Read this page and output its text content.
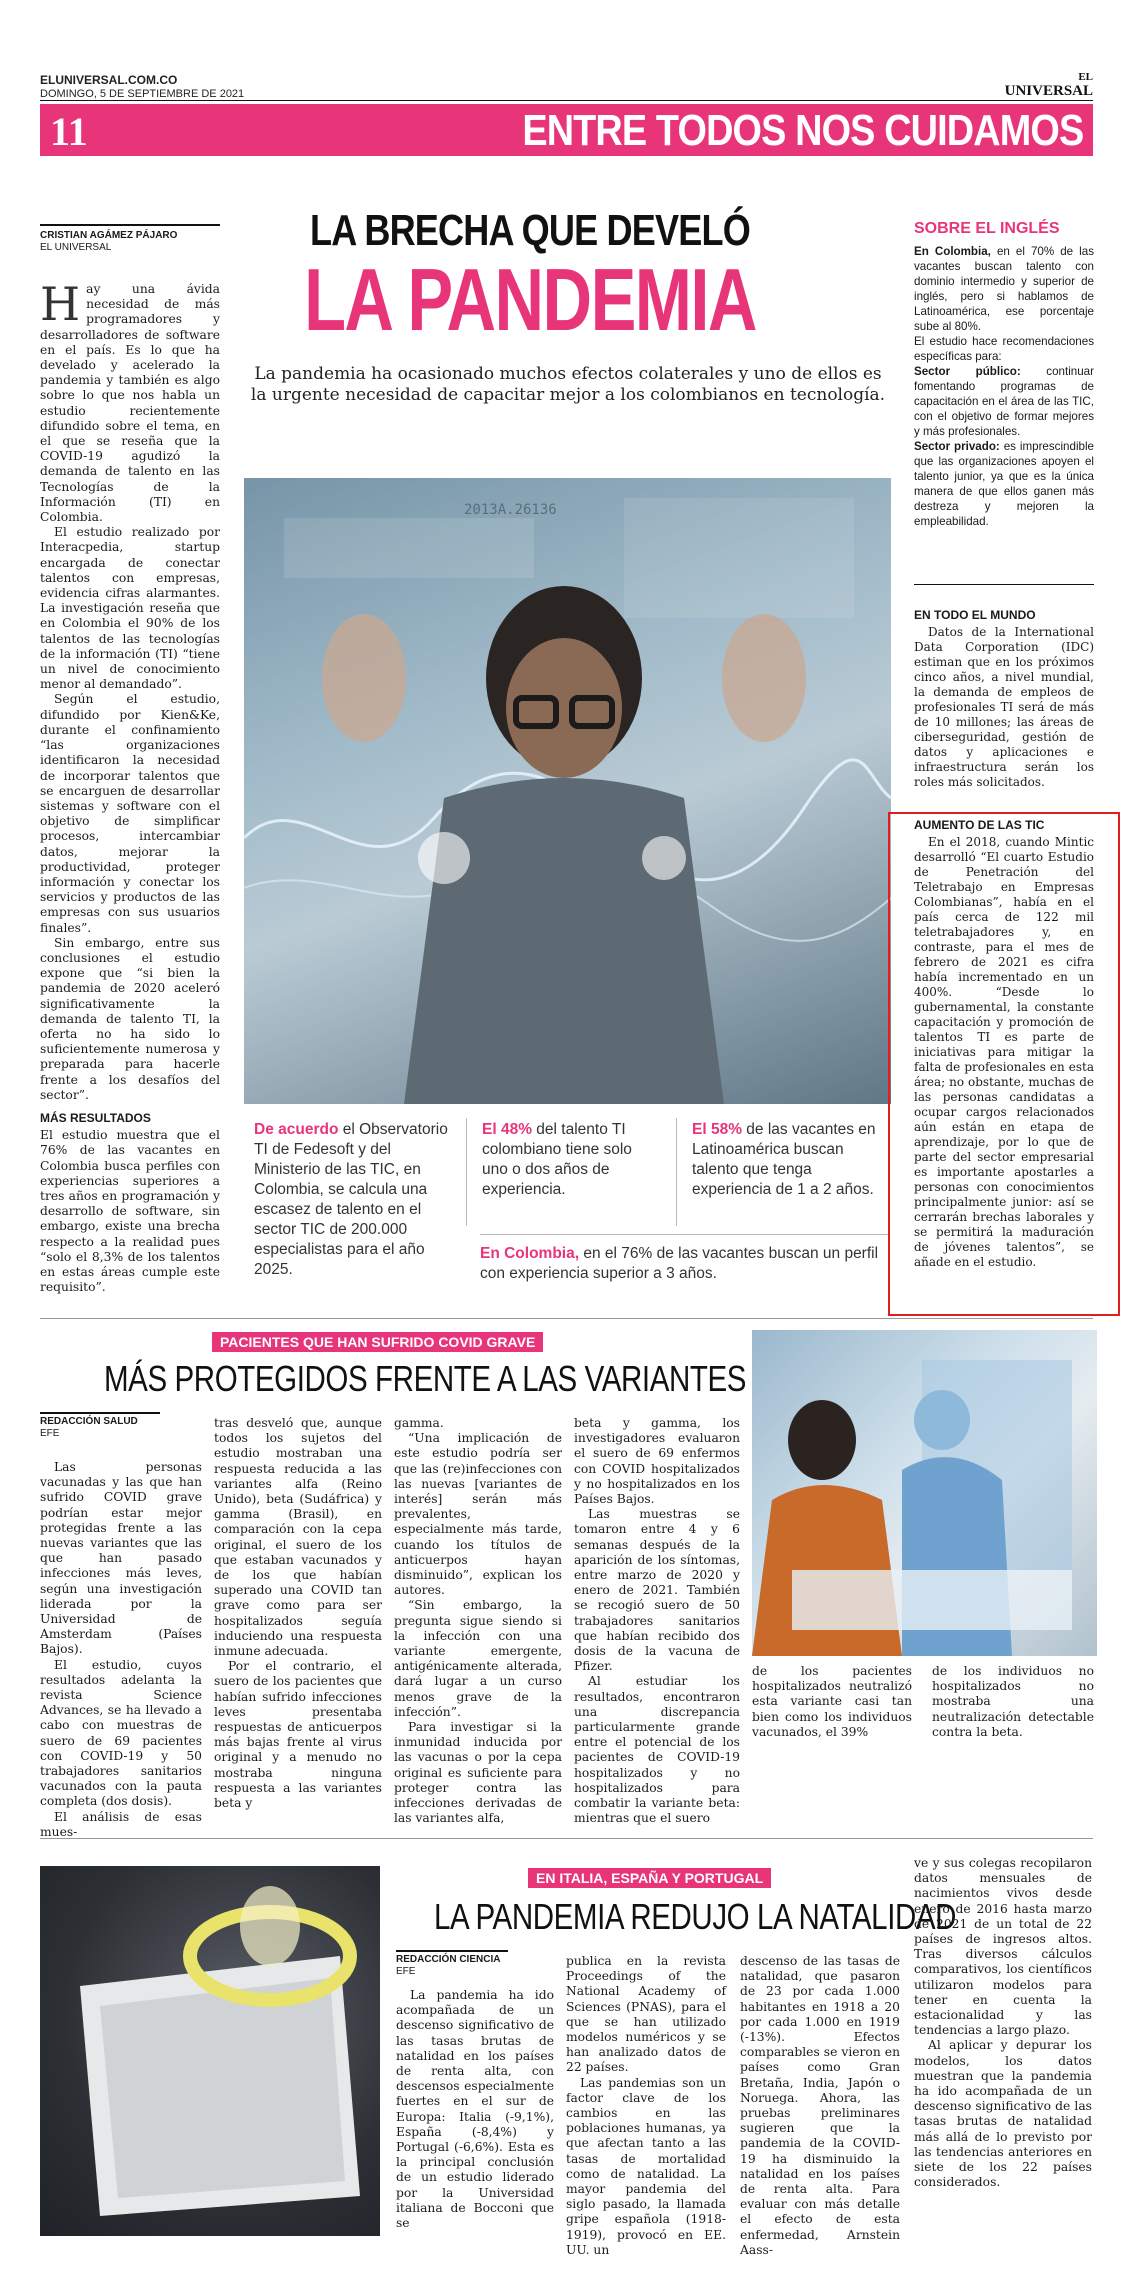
ELUNIVERSAL.COM.CO
DOMINGO, 5 DE SEPTIEMBRE DE 2021
EL
UNIVERSAL
11	ENTRE TODOS NOS CUIDAMOS
CRISTIAN AGÁMEZ PÁJARO
EL UNIVERSAL

Hay una ávida necesidad de más programadores y desarrolladores de software en el país. Es lo que ha develado y acelerado la pandemia y también es algo sobre lo que nos habla un estudio recientemente difundido sobre el tema, en el que se reseña que la COVID-19 agudizó la demanda de talento en las Tecnologías de la Información (TI) en Colombia.

El estudio realizado por Interacpedia, startup encargada de conectar talentos con empresas, evidencia cifras alarmantes. La investigación reseña que en Colombia el 90% de los talentos de las tecnologías de la información (TI) “tiene un nivel de conocimiento menor al demandado”.

Según el estudio, difundido por Kien&Ke, durante el confinamiento “las organizaciones identificaron la necesidad de incorporar talentos que se encarguen de desarrollar sistemas y software con el objetivo de simplificar procesos, intercambiar datos, mejorar la productividad, proteger información y conectar los servicios y productos de las empresas con sus usuarios finales”.

Sin embargo, entre sus conclusiones el estudio expone que “si bien la pandemia de 2020 aceleró significativamente la demanda de talento TI, la oferta no ha sido lo suficientemente numerosa y preparada para hacerle frente a los desafíos del sector”.

MÁS RESULTADOS

El estudio muestra que el 76% de las vacantes en Colombia busca perfiles con experiencias superiores a tres años en programación y desarrollo de software, sin embargo, existe una brecha respecto a la realidad pues “solo el 8,3% de los talentos en estas áreas cumple este requisito”.

LA BRECHA QUE DEVELÓ
LA PANDEMIA
La pandemia ha ocasionado muchos efectos colaterales y uno de ellos es la urgente necesidad de capacitar mejor a los colombianos en tecnología.
2013A.26136
De acuerdo el Observatorio TI de Fedesoft y del Ministerio de las TIC, en Colombia, se calcula una escasez de talento en el sector TIC de 200.000 especialistas para el año 2025.
El 48% del talento TI colombiano tiene solo uno o dos años de experiencia.
El 58% de las vacantes en Latinoamérica buscan talento que tenga experiencia de 1 a 2 años.
En Colombia, en el 76% de las vacantes buscan un perfil con experiencia superior a 3 años.
SOBRE EL INGLÉS
En Colombia, en el 70% de las vacantes buscan talento con dominio intermedio y superior de inglés, pero si hablamos de Latinoamérica, ese porcentaje sube al 80%.
El estudio hace recomendaciones específicas para:
Sector público: continuar fomentando programas de capacitación en el área de las TIC, con el objetivo de formar mejores y más profesionales.
Sector privado: es imprescindible que las organizaciones apoyen el talento junior, ya que es la única manera de que ellos ganen más destreza y mejoren la empleabilidad.
EN TODO EL MUNDO

Datos de la International Data Corporation (IDC) estiman que en los próximos cinco años, a nivel mundial, la demanda de empleos de profesionales TI será de más de 10 millones; las áreas de ciberseguridad, gestión de datos y aplicaciones e infraestructura serán los roles más solicitados.

AUMENTO DE LAS TIC

En el 2018, cuando Mintic desarrolló “El cuarto Estudio de Penetración del Teletrabajo en Empresas Colombianas”, había en el país cerca de 122 mil teletrabajadores y, en contraste, para el mes de febrero de 2021 es cifra había incrementado en un 400%. “Desde lo gubernamental, la constante capacitación y promoción de talentos TI es parte de iniciativas para mitigar la falta de profesionales en esta área; no obstante, muchas de las personas candidatas a ocupar cargos relacionados aún están en etapa de aprendizaje, por lo que de parte del sector empresarial es importante apostarles a personas con conocimientos principalmente junior: así se cerrarán brechas laborales y se permitirá la maduración de jóvenes talentos”, se añade en el estudio.

PACIENTES QUE HAN SUFRIDO COVID GRAVE
MÁS PROTEGIDOS FRENTE A LAS VARIANTES
REDACCIÓN SALUD
EFE

Las personas vacunadas y las que han sufrido COVID grave podrían estar mejor protegidas frente a las nuevas variantes que las que han pasado infecciones más leves, según una investigación liderada por la Universidad de Amsterdam (Países Bajos).

El estudio, cuyos resultados adelanta la revista Science Advances, se ha llevado a cabo con muestras de suero de 69 pacientes con COVID-19 y 50 trabajadores sanitarios vacunados con la pauta completa (dos dosis).

El análisis de esas mues-

tras desveló que, aunque todos los sujetos del estudio mostraban una respuesta reducida a las variantes alfa (Reino Unido), beta (Sudáfrica) y gamma (Brasil), en comparación con la cepa original, el suero de los que estaban vacunados y de los que habían superado una COVID tan grave como para ser hospitalizados seguía induciendo una respuesta inmune adecuada.

Por el contrario, el suero de los pacientes que habían sufrido infecciones leves presentaba respuestas de anticuerpos más bajas frente al virus original y a menudo no mostraba ninguna respuesta a las variantes beta y

gamma.

“Una implicación de este estudio podría ser que las (re)infecciones con las nuevas [variantes de interés] serán más prevalentes, especialmente más tarde, cuando los títulos de anticuerpos hayan disminuido”, explican los autores.

“Sin embargo, la pregunta sigue siendo si la infección con una variante emergente, antigénicamente alterada, dará lugar a un curso menos grave de la infección”.

Para investigar si la inmunidad inducida por las vacunas o por la cepa original es suficiente para proteger contra las infecciones derivadas de las variantes alfa,

beta y gamma, los investigadores evaluaron el suero de 69 enfermos con COVID hospitalizados y no hospitalizados en los Países Bajos.

Las muestras se tomaron entre 4 y 6 semanas después de la aparición de los síntomas, entre marzo de 2020 y enero de 2021. También se recogió suero de 50 trabajadores sanitarios que habían recibido dos dosis de la vacuna de Pfizer.

Al estudiar los resultados, encontraron una discrepancia particularmente grande entre el potencial de los pacientes de COVID-19 hospitalizados y no hospitalizados para combatir la variante beta: mientras que el suero

de los pacientes hospitalizados neutralizó esta variante casi tan bien como los individuos vacunados, el 39%

de los individuos no hospitalizados no mostraba una neutralización detectable contra la beta.

EN ITALIA, ESPAÑA Y PORTUGAL
LA PANDEMIA REDUJO LA NATALIDAD
REDACCIÓN CIENCIA
EFE

La pandemia ha ido acompañada de un descenso significativo de las tasas brutas de natalidad en los países de renta alta, con descensos especialmente fuertes en el sur de Europa: Italia (-9,1%), España (-8,4%) y Portugal (-6,6%). Esta es la principal conclusión de un estudio liderado por la Universidad italiana de Bocconi que se

publica en la revista Proceedings of the National Academy of Sciences (PNAS), para el que se han utilizado modelos numéricos y se han analizado datos de 22 países.

Las pandemias son un factor clave de los cambios en las poblaciones humanas, ya que afectan tanto a las tasas de mortalidad como de natalidad. La mayor pandemia del siglo pasado, la llamada gripe española (1918-1919), provocó en EE. UU. un

descenso de las tasas de natalidad, que pasaron de 23 por cada 1.000 habitantes en 1918 a 20 por cada 1.000 en 1919 (-13%). Efectos comparables se vieron en países como Gran Bretaña, India, Japón o Noruega. Ahora, las pruebas preliminares sugieren que la pandemia de la COVID-19 ha disminuido la natalidad en los países de renta alta. Para evaluar con más detalle el efecto de esta enfermedad, Arnstein Aass-

ve y sus colegas recopilaron datos mensuales de nacimientos vivos desde enero de 2016 hasta marzo de 2021 de un total de 22 países de ingresos altos. Tras diversos cálculos comparativos, los científicos utilizaron modelos para tener en cuenta la estacionalidad y las tendencias a largo plazo.

Al aplicar y depurar los modelos, los datos muestran que la pandemia ha ido acompañada de un descenso significativo de las tasas brutas de natalidad más allá de lo previsto por las tendencias anteriores en siete de los 22 países considerados.
